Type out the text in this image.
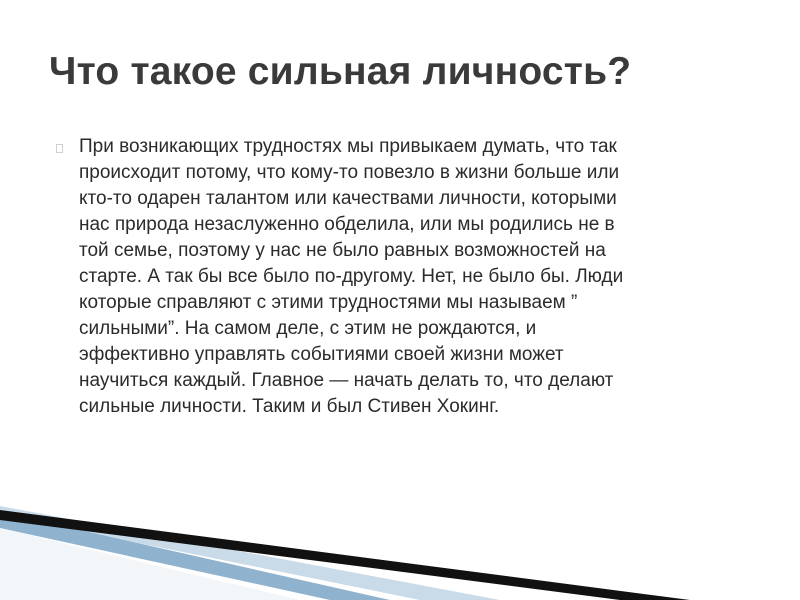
Что такое сильная личность?

При возникающих трудностях мы привыкаем думать, что так
происходит потому, что кому-то повезло в жизни больше или
кто-то одарен талантом или качествами личности, которыми
нас природа незаслуженно обделила, или мы родились не в
той семье, поэтому у нас не было равных возможностей на
старте. А так бы все было по-другому. Нет, не было бы. Люди
которые справляют с этими трудностями мы называем ”
сильными”. На самом деле, с этим не рождаются, и
эффективно управлять событиями своей жизни может
научиться каждый. Главное — начать делать то, что делают
сильные личности. Таким и был Стивен Хокинг.
